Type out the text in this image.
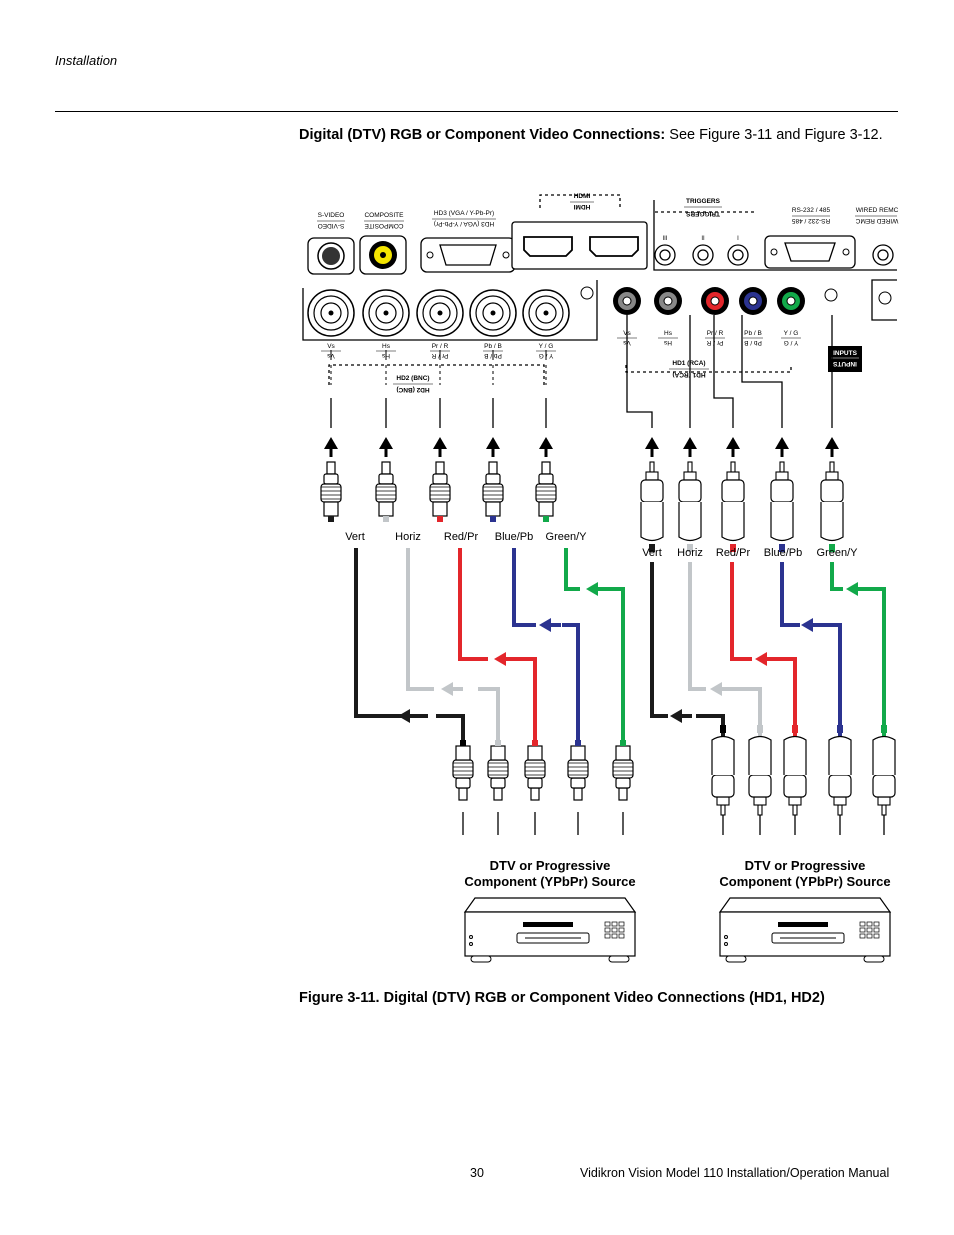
Installation
Digital (DTV) RGB or Component Video Connections: See Figure 3-11 and Figure 3-12.
S-VIDEO
S-VIDEO
COMPOSITE
COMPOSITE
HD3 (VGA / Y-Pb-Pr)
HD3 (VGA / Y-Pb-Pr)
HDMI
HDMI
TRIGGERS
TRIGGERS	RS-232 / 485
RS-232 / 485
WIRED REMC
WIRED REMC
III	II	I
Vs
Vs
Hs
Hs
Pr / R
Pr / R
Pb / B
Pb / B
Y / G
Y / G
Vs
Vs
Hs
Hs
Pr / R
Pr / R
Pb / B
Pb / B
Y / G
Y / G
HD2 (BNC)
HD2 (BNC)
HD1 (RCA)
HD1 (RCA)
INPUTS
INPUTS
Vert	Horiz Red/Pr Blue/Pb Green/Y
Vert Horiz Red/Pr Blue/Pb Green/Y
DTV or Progressive
Component (YPbPr) Source
DTV or Progressive
Component (YPbPr) Source
Figure 3-11. Digital (DTV) RGB or Component Video Connections (HD1, HD2)
30	Vidikron Vision Model 110 Installation/Operation Manual
